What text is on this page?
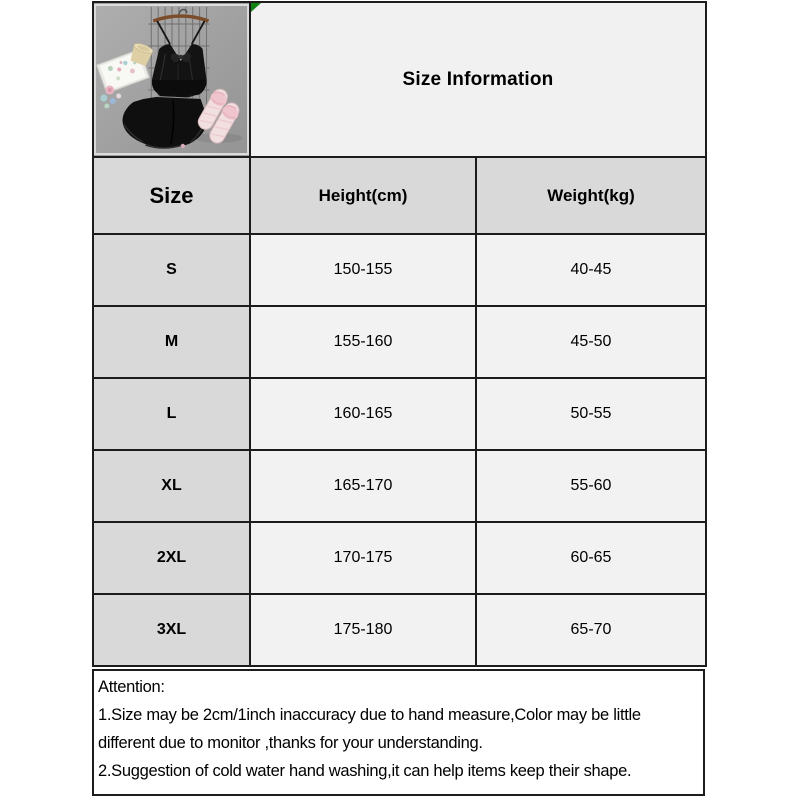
Size Information	
Size	Height(cm)	Weight(kg)
S	150-155	40-45
M	155-160	45-50
L	160-165	50-55
XL	165-170	55-60
2XL	170-175	60-65
3XL	175-180	65-70
Attention:
1.Size may be 2cm/1inch inaccuracy due to hand measure,Color may be little
different due to monitor ,thanks for your understanding.
2.Suggestion of cold water hand washing,it can help items keep their shape.
